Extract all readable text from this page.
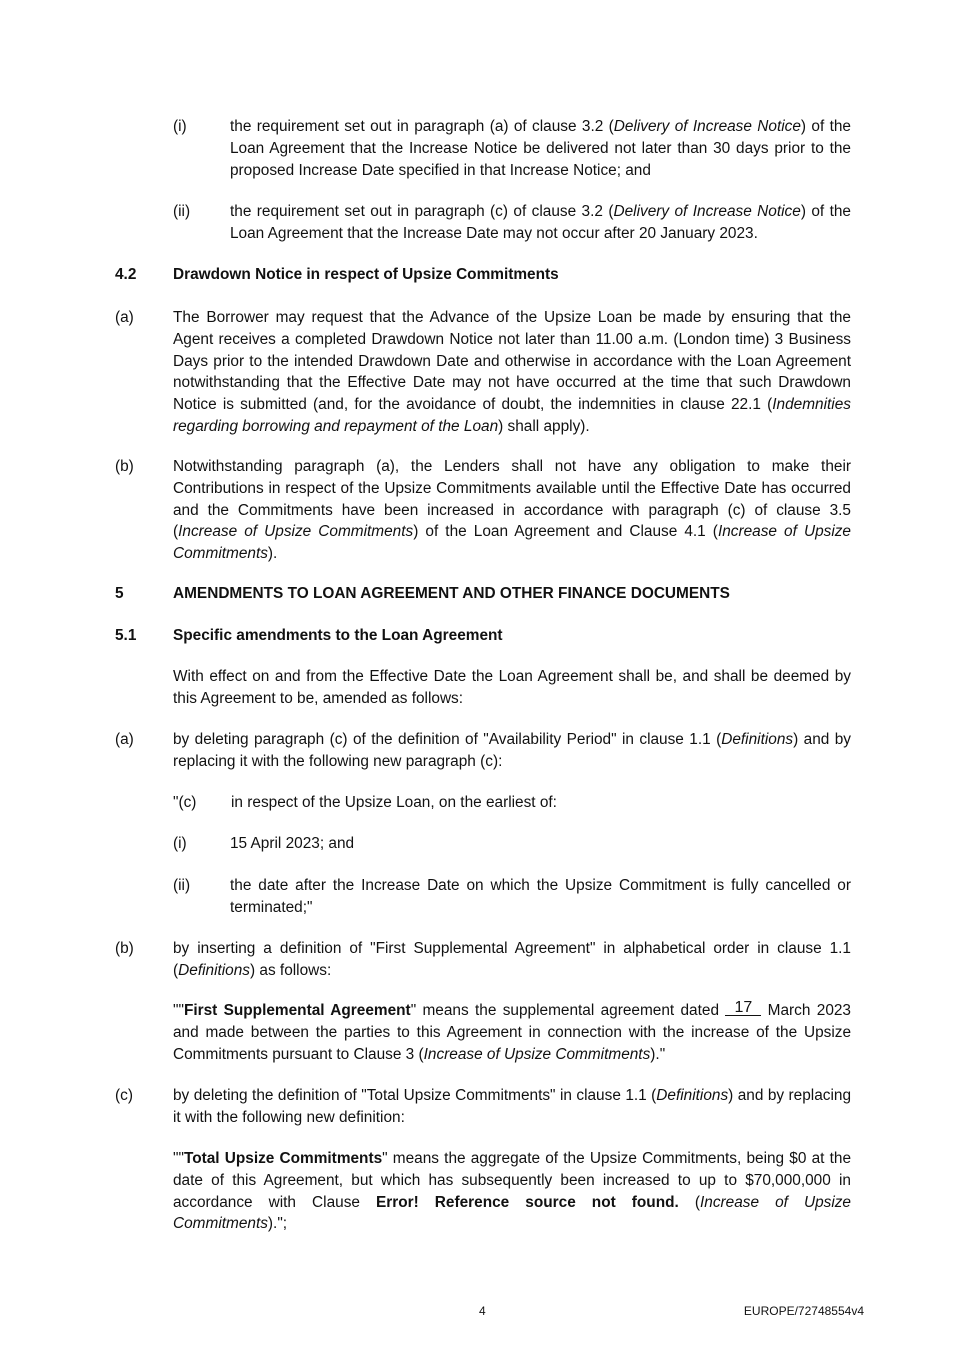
(i)	the requirement set out in paragraph (a) of clause 3.2 (Delivery of Increase Notice) of the Loan Agreement that the Increase Notice be delivered not later than 30 days prior to the proposed Increase Date specified in that Increase Notice; and

(ii)	the requirement set out in paragraph (c) of clause 3.2 (Delivery of Increase Notice) of the Loan Agreement that the Increase Date may not occur after 20 January 2023.

4.2 Drawdown Notice in respect of Upsize Commitments

(a)	The Borrower may request that the Advance of the Upsize Loan be made by ensuring that the Agent receives a completed Drawdown Notice not later than 11.00 a.m. (London time) 3 Business Days prior to the intended Drawdown Date and otherwise in accordance with the Loan Agreement notwithstanding that the Effective Date may not have occurred at the time that such Drawdown Notice is submitted (and, for the avoidance of doubt, the indemnities in clause 22.1 (Indemnities regarding borrowing and repayment of the Loan) shall apply).

(b)	Notwithstanding paragraph (a), the Lenders shall not have any obligation to make their Contributions in respect of the Upsize Commitments available until the Effective Date has occurred and the Commitments have been increased in accordance with paragraph (c) of clause 3.5 (Increase of Upsize Commitments) of the Loan Agreement and Clause 4.1 (Increase of Upsize Commitments).

5	AMENDMENTS TO LOAN AGREEMENT AND OTHER FINANCE DOCUMENTS

5.1 Specific amendments to the Loan Agreement

With effect on and from the Effective Date the Loan Agreement shall be, and shall be deemed by this Agreement to be, amended as follows:

(a)	by deleting paragraph (c) of the definition of "Availability Period" in clause 1.1 (Definitions) and by replacing it with the following new paragraph (c):

"(c) in respect of the Upsize Loan, on the earliest of:

(i)	15 April 2023; and

(ii)	the date after the Increase Date on which the Upsize Commitment is fully cancelled or terminated;"

(b)	by inserting a definition of "First Supplemental Agreement" in alphabetical order in clause 1.1 (Definitions) as follows:

""First Supplemental Agreement" means the supplemental agreement dated 17 March 2023 and made between the parties to this Agreement in connection with the increase of the Upsize Commitments pursuant to Clause 3 (Increase of Upsize Commitments)."

(c)	by deleting the definition of "Total Upsize Commitments" in clause 1.1 (Definitions) and by replacing it with the following new definition:

""Total Upsize Commitments" means the aggregate of the Upsize Commitments, being $0 at the date of this Agreement, but which has subsequently been increased to up to $70,000,000 in accordance with Clause Error! Reference source not found. (Increase of Upsize Commitments).";

4	EUROPE/72748554v4
